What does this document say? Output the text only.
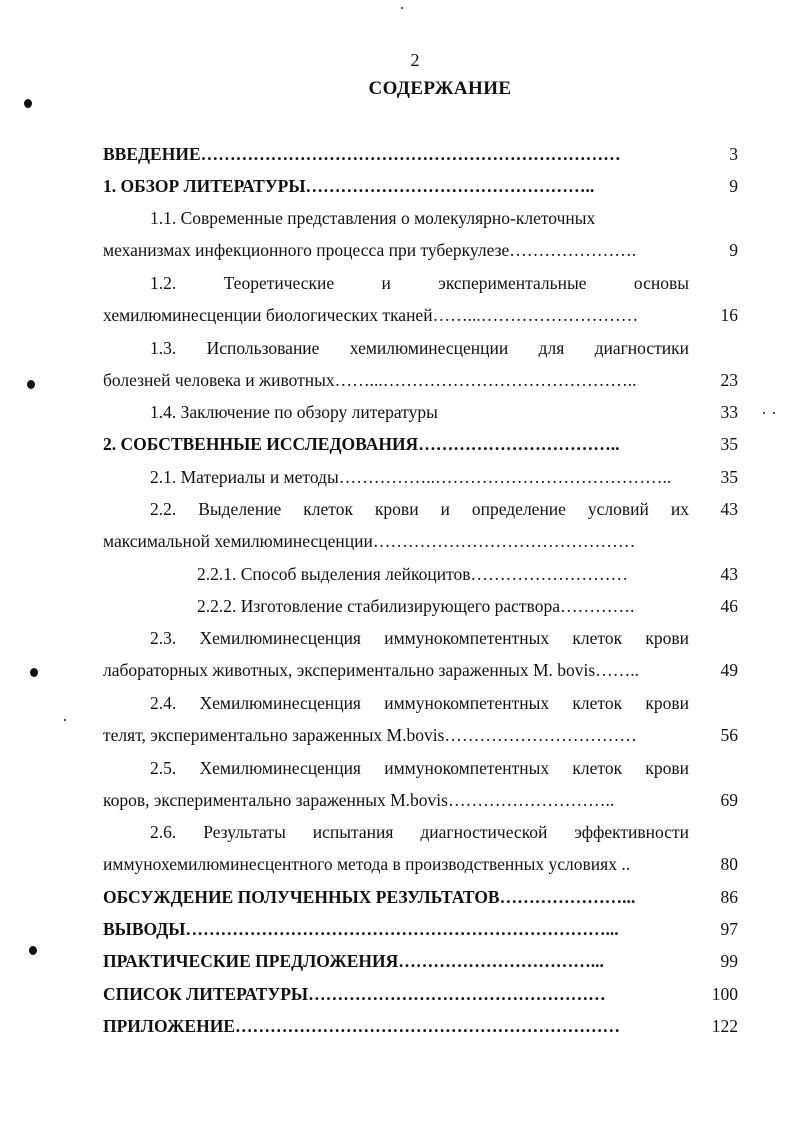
2
СОДЕРЖАНИЕ
ВВЕДЕНИЕ………………………………………………………………	3
1. ОБЗОР ЛИТЕРАТУРЫ…………………………………………..	9
1.1. Современные представления о молекулярно-клеточных
механизмах инфекционного процесса при туберкулезе………………….	9
1.2. Теоретические и экспериментальные основы
хемилюминесценции биологических тканей……...………………………	16
1.3. Использование хемилюминесценции для диагностики
болезней человека и животных……...……………………………………..	23
1.4. Заключение по обзору литературы	33
2. СОБСТВЕННЫЕ ИССЛЕДОВАНИЯ……………………………..	35
2.1. Материалы и методы……………..…………………………………..	35
2.2. Выделение клеток крови и определение условий их	43
максимальной хемилюминесценции………………………………………
2.2.1. Способ выделения лейкоцитов………………………	43
2.2.2. Изготовление стабилизирующего раствора………….	46
2.3. Хемилюминесценция иммунокомпетентных клеток крови
лабораторных животных, экспериментально зараженных M. bovis……..	49
2.4. Хемилюминесценция иммунокомпетентных клеток крови
телят, экспериментально зараженных M.bovis……………………………	56
2.5. Хемилюминесценция иммунокомпетентных клеток крови
коров, экспериментально зараженных M.bovis………………………..	69
2.6. Результаты испытания диагностической эффективности
иммунохемилюминесцентного метода в производственных условиях ..	80
ОБСУЖДЕНИЕ ПОЛУЧЕННЫХ РЕЗУЛЬТАТОВ…………………...	86
ВЫВОДЫ………………………………………………………………...	97
ПРАКТИЧЕСКИЕ ПРЕДЛОЖЕНИЯ……………………………...	99
СПИСОК ЛИТЕРАТУРЫ……………………………………………	100
ПРИЛОЖЕНИЕ…………………………………………………………	122
